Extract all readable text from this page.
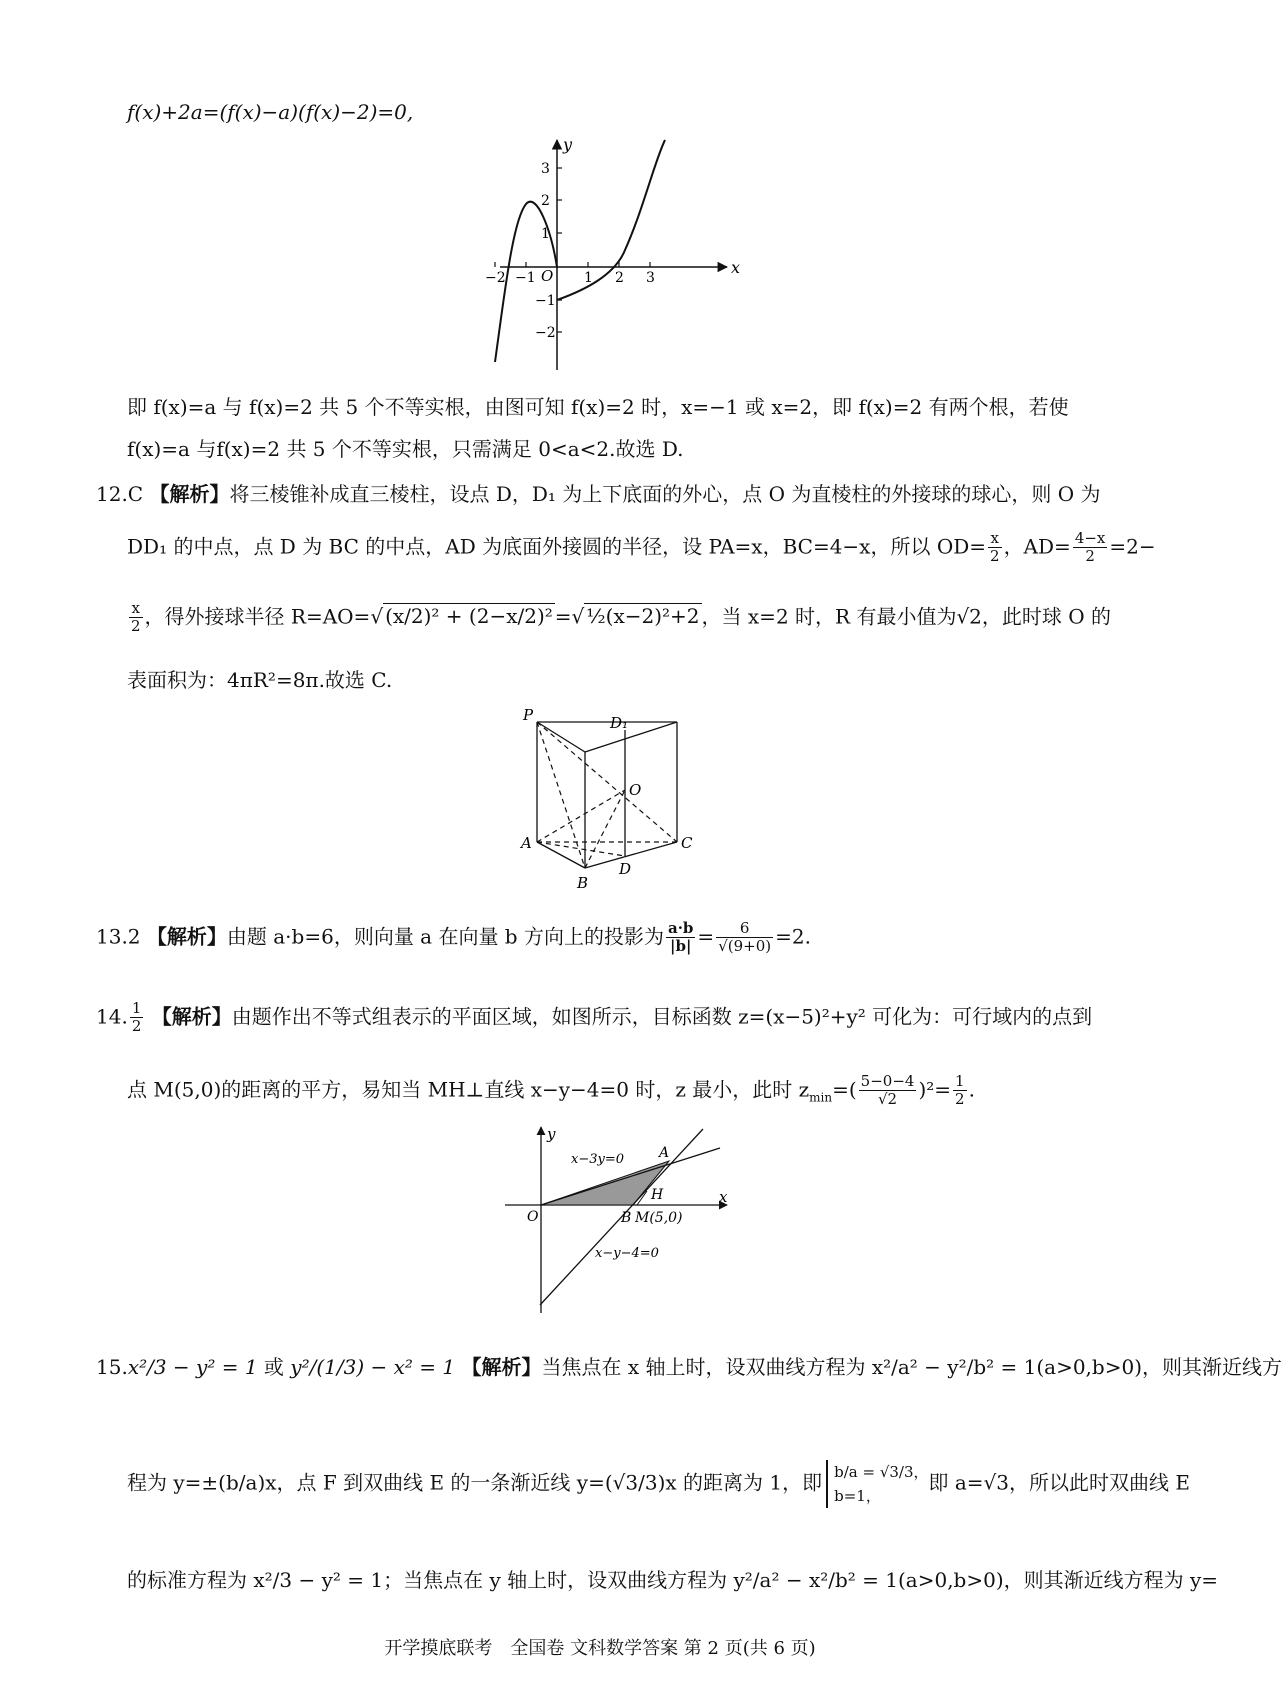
f(x)+2a=(f(x)−a)(f(x)−2)=0,
x
y
O
−2 −1	1 2 3
3
2
1
−1
−2
即 f(x)=a 与 f(x)=2 共 5 个不等实根，由图可知 f(x)=2 时，x=−1 或 x=2，即 f(x)=2 有两个根，若使
f(x)=a 与f(x)=2 共 5 个不等实根，只需满足 0<a<2.故选 D.
12.C 【解析】将三棱锥补成直三棱柱，设点 D，D₁ 为上下底面的外心，点 O 为直棱柱的外接球的球心，则 O 为
DD₁ 的中点，点 D 为 BC 的中点，AD 为底面外接圆的半径，设 PA=x，BC=4−x，所以 $OD= \frac{x}{2}$ ，$AD= \frac{4-x}{2} =2-$
$\frac{x}{2}$ ，得外接球半径 R=AO=√ (x/2)² + (2−x/2)² =√ ½(x−2)²+2 ，当 x=2 时，R 有最小值为√2，此时球 O 的
表面积为：4πR²=8π.故选 C.
P	D₁
O
A	C
D
B
13.2 【解析】由题 a·b=6，则向量 a 在向量 b 方向上的投影为 $\frac{a\cdot b}{|b|} = \frac{6}{√(9+0)} =2$.
14. $\frac{1}{2}$ 【解析】由题作出不等式组表示的平面区域，如图所示，目标函数 z=(x−5)²+y² 可化为：可行域内的点到
点 M(5,0)的距离的平方，易知当 MH⊥直线 x−y−4=0 时，z 最小，此时 $z_{min}=( \frac{5-0-4}{√2} )^2= \frac{1}{2}$ .
x
y
O
x−3y=0
x−y−4=0
A
B
H
M(5,0)
15.x²/3 − y² = 1 或 y²/(1/3) − x² = 1 【解析】当焦点在 x 轴上时，设双曲线方程为 x²/a² − y²/b² = 1(a>0,b>0)，则其渐近线方
程为 y=±(b/a)x，点 F 到双曲线 E 的一条渐近线 y=(√3/3)x 的距离为 1，即 b/a = √3/3，
b=1，
即 a=√3，所以此时双曲线 E
的标准方程为 x²/3 − y² = 1；当焦点在 y 轴上时，设双曲线方程为 y²/a² − x²/b² = 1(a>0,b>0)，则其渐近线方程为 y=
开学摸底联考　全国卷 文科数学答案 第 2 页(共 6 页)
